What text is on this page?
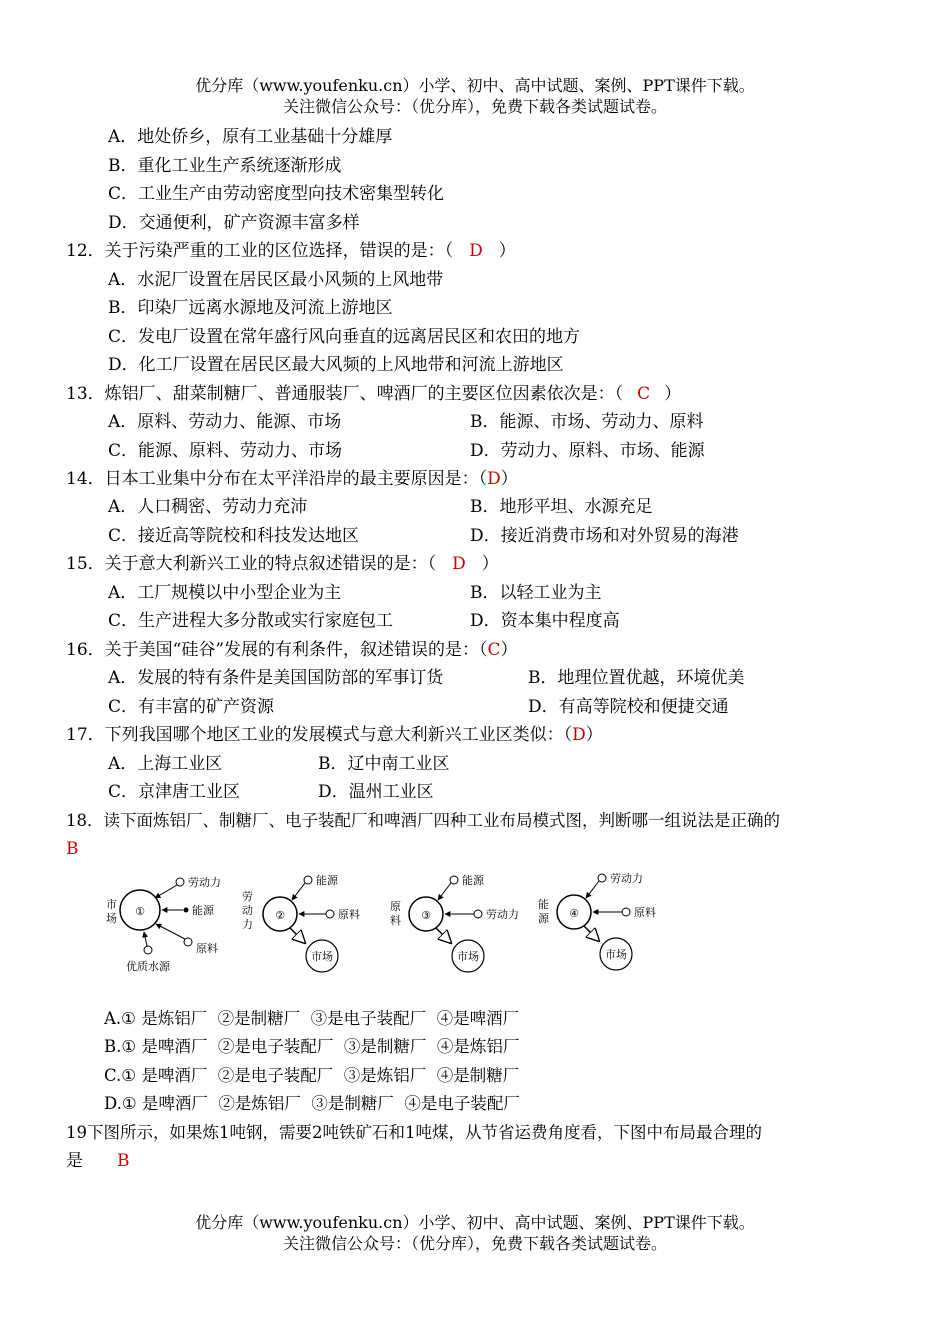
优分库（www.youfenku.cn）小学、初中、高中试题、案例、PPT课件下载。
关注微信公众号：（优分库），免费下载各类试题试卷。
A．地处侨乡，原有工业基础十分雄厚
B．重化工业生产系统逐渐形成
C．工业生产由劳动密度型向技术密集型转化
D．交通便利，矿产资源丰富多样
12．关于污染严重的工业的区位选择，错误的是：（ D ）
A．水泥厂设置在居民区最小风频的上风地带
B．印染厂远离水源地及河流上游地区
C．发电厂设置在常年盛行风向垂直的远离居民区和农田的地方
D．化工厂设置在居民区最大风频的上风地带和河流上游地区
13．炼铝厂、甜菜制糖厂、普通服装厂、啤酒厂的主要区位因素依次是：（ C ）
A．原料、劳动力、能源、市场	B．能源、市场、劳动力、原料
C．能源、原料、劳动力、市场	D．劳动力、原料、市场、能源
14．日本工业集中分布在太平洋沿岸的最主要原因是：（D）
A．人口稠密、劳动力充沛	B．地形平坦、水源充足
C．接近高等院校和科技发达地区	D．接近消费市场和对外贸易的海港
15．关于意大利新兴工业的特点叙述错误的是：（ D ）
A．工厂规模以中小型企业为主	B．以轻工业为主
C．生产进程大多分散或实行家庭包工	D．资本集中程度高
16．关于美国“硅谷”发展的有利条件，叙述错误的是：（C）
A．发展的特有条件是美国国防部的军事订货	B．地理位置优越，环境优美
C．有丰富的矿产资源	D．有高等院校和便捷交通
17．下列我国哪个地区工业的发展模式与意大利新兴工业区类似：（D）
A．上海工业区	B．辽中南工业区
C．京津唐工业区	D．温州工业区
18．读下面炼铝厂、制糖厂、电子装配厂和啤酒厂四种工业布局模式图，判断哪一组说法是正确的
B
①
市
场
劳动力
能源
原料
优质水源
②
劳
动
力
能源
原料
市场
③
原
料
能源
劳动力
市场
④
能
源
劳动力
原料
市场
A.① 是炼铝厂  ②是制糖厂  ③是电子装配厂  ④是啤酒厂
B.① 是啤酒厂  ②是电子装配厂  ③是制糖厂  ④是炼铝厂
C.① 是啤酒厂  ②是电子装配厂  ③是炼铝厂  ④是制糖厂
D.① 是啤酒厂  ②是炼铝厂  ③是制糖厂  ④是电子装配厂
19下图所示，如果炼1吨钢，需要2吨铁矿石和1吨煤，从节省运费角度看，下图中布局最合理的
是 B
优分库（www.youfenku.cn）小学、初中、高中试题、案例、PPT课件下载。
关注微信公众号：（优分库），免费下载各类试题试卷。
